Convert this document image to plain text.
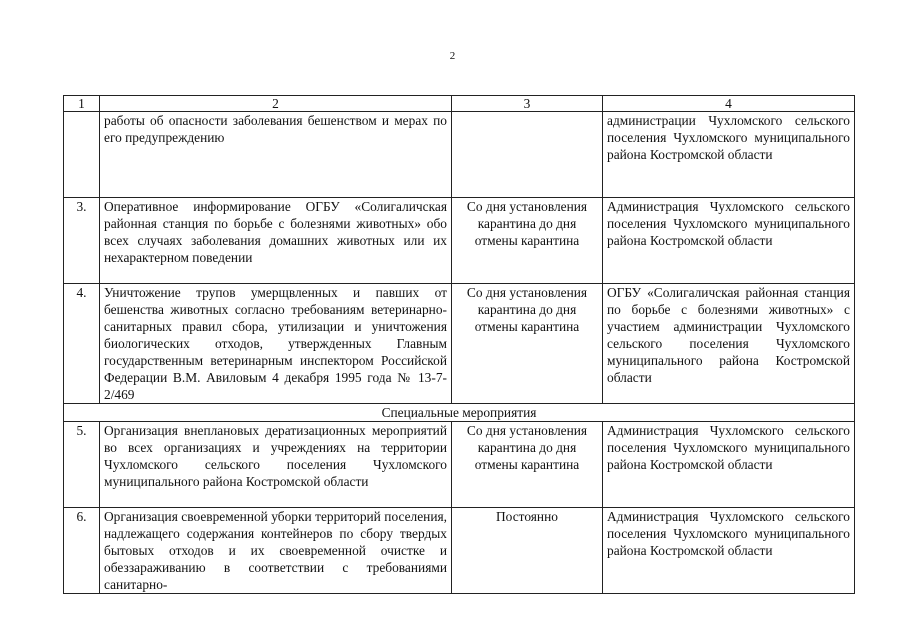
2
1	2	3	4
	работы об опасности заболевания бешенством и мерах по его предупреждению		администрации Чухломского сельского поселения Чухломского муниципального района Костромской области
3.	Оперативное информирование ОГБУ «Солигаличская районная станция по борьбе с болезнями животных» обо всех случаях заболевания домашних животных или их нехарактерном поведении	Со дня установления карантина до дня отмены карантина	Администрация Чухломского сельского поселения Чухломского муниципального района Костромской области
4.	Уничтожение трупов умерщвленных и павших от бешенства животных согласно требованиям ветеринарно-санитарных правил сбора, утилизации и уничтожения биологических отходов, утвержденных Главным государственным ветеринарным инспектором Российской Федерации В.М. Авиловым 4 декабря 1995 года № 13-7-2/469	Со дня установления карантина до дня отмены карантина	ОГБУ «Солигаличская районная станция по борьбе с болезнями животных» с участием администрации Чухломского сельского поселения Чухломского муниципального района Костромской области
Специальные мероприятия			
5.	Организация внеплановых дератизационных мероприятий во всех организациях и учреждениях на территории Чухломского сельского поселения Чухломского муниципального района Костромской области	Со дня установления карантина до дня отмены карантина	Администрация Чухломского сельского поселения Чухломского муниципального района Костромской области
6.	Организация своевременной уборки территорий поселения, надлежащего содержания контейнеров по сбору твердых бытовых отходов и их своевременной очистке и обеззараживанию в соответствии с требованиями санитарно-	Постоянно	Администрация Чухломского сельского поселения Чухломского муниципального района Костромской области
